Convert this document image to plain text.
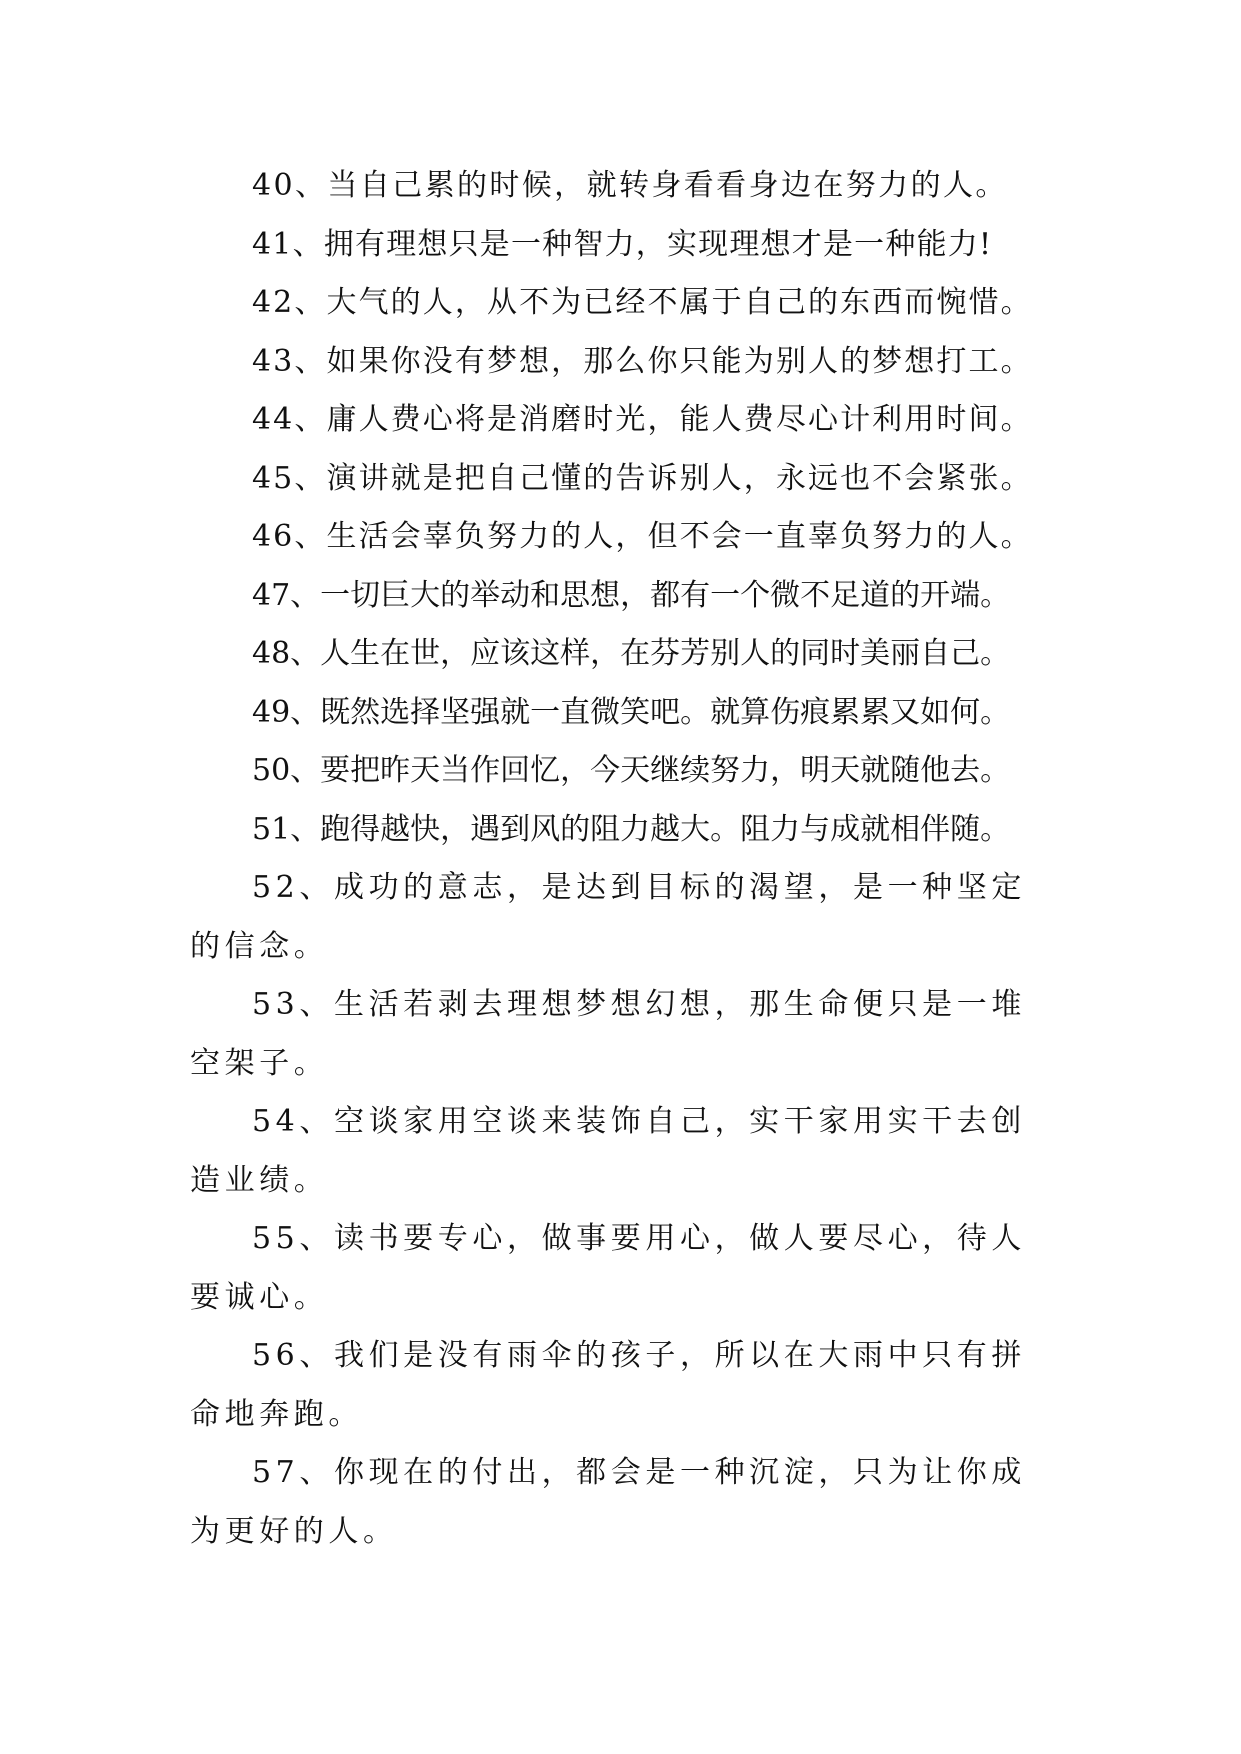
40、当自己累的时候，就转身看看身边在努力的人。
41、拥有理想只是一种智力，实现理想才是一种能力!
42、大气的人，从不为已经不属于自己的东西而惋惜。
43、如果你没有梦想，那么你只能为别人的梦想打工。
44、庸人费心将是消磨时光，能人费尽心计利用时间。
45、演讲就是把自己懂的告诉别人，永远也不会紧张。
46、生活会辜负努力的人，但不会一直辜负努力的人。
47、一切巨大的举动和思想，都有一个微不足道的开端。
48、人生在世，应该这样，在芬芳别人的同时美丽自己。
49、既然选择坚强就一直微笑吧。就算伤痕累累又如何。
50、要把昨天当作回忆，今天继续努力，明天就随他去。
51、跑得越快，遇到风的阻力越大。阻力与成就相伴随。
52、成功的意志，是达到目标的渴望，是一种坚定的信念。
53、生活若剥去理想梦想幻想，那生命便只是一堆空架子。
54、空谈家用空谈来装饰自己，实干家用实干去创造业绩。
55、读书要专心，做事要用心，做人要尽心，待人要诚心。
56、我们是没有雨伞的孩子，所以在大雨中只有拼命地奔跑。
57、你现在的付出，都会是一种沉淀，只为让你成为更好的人。
